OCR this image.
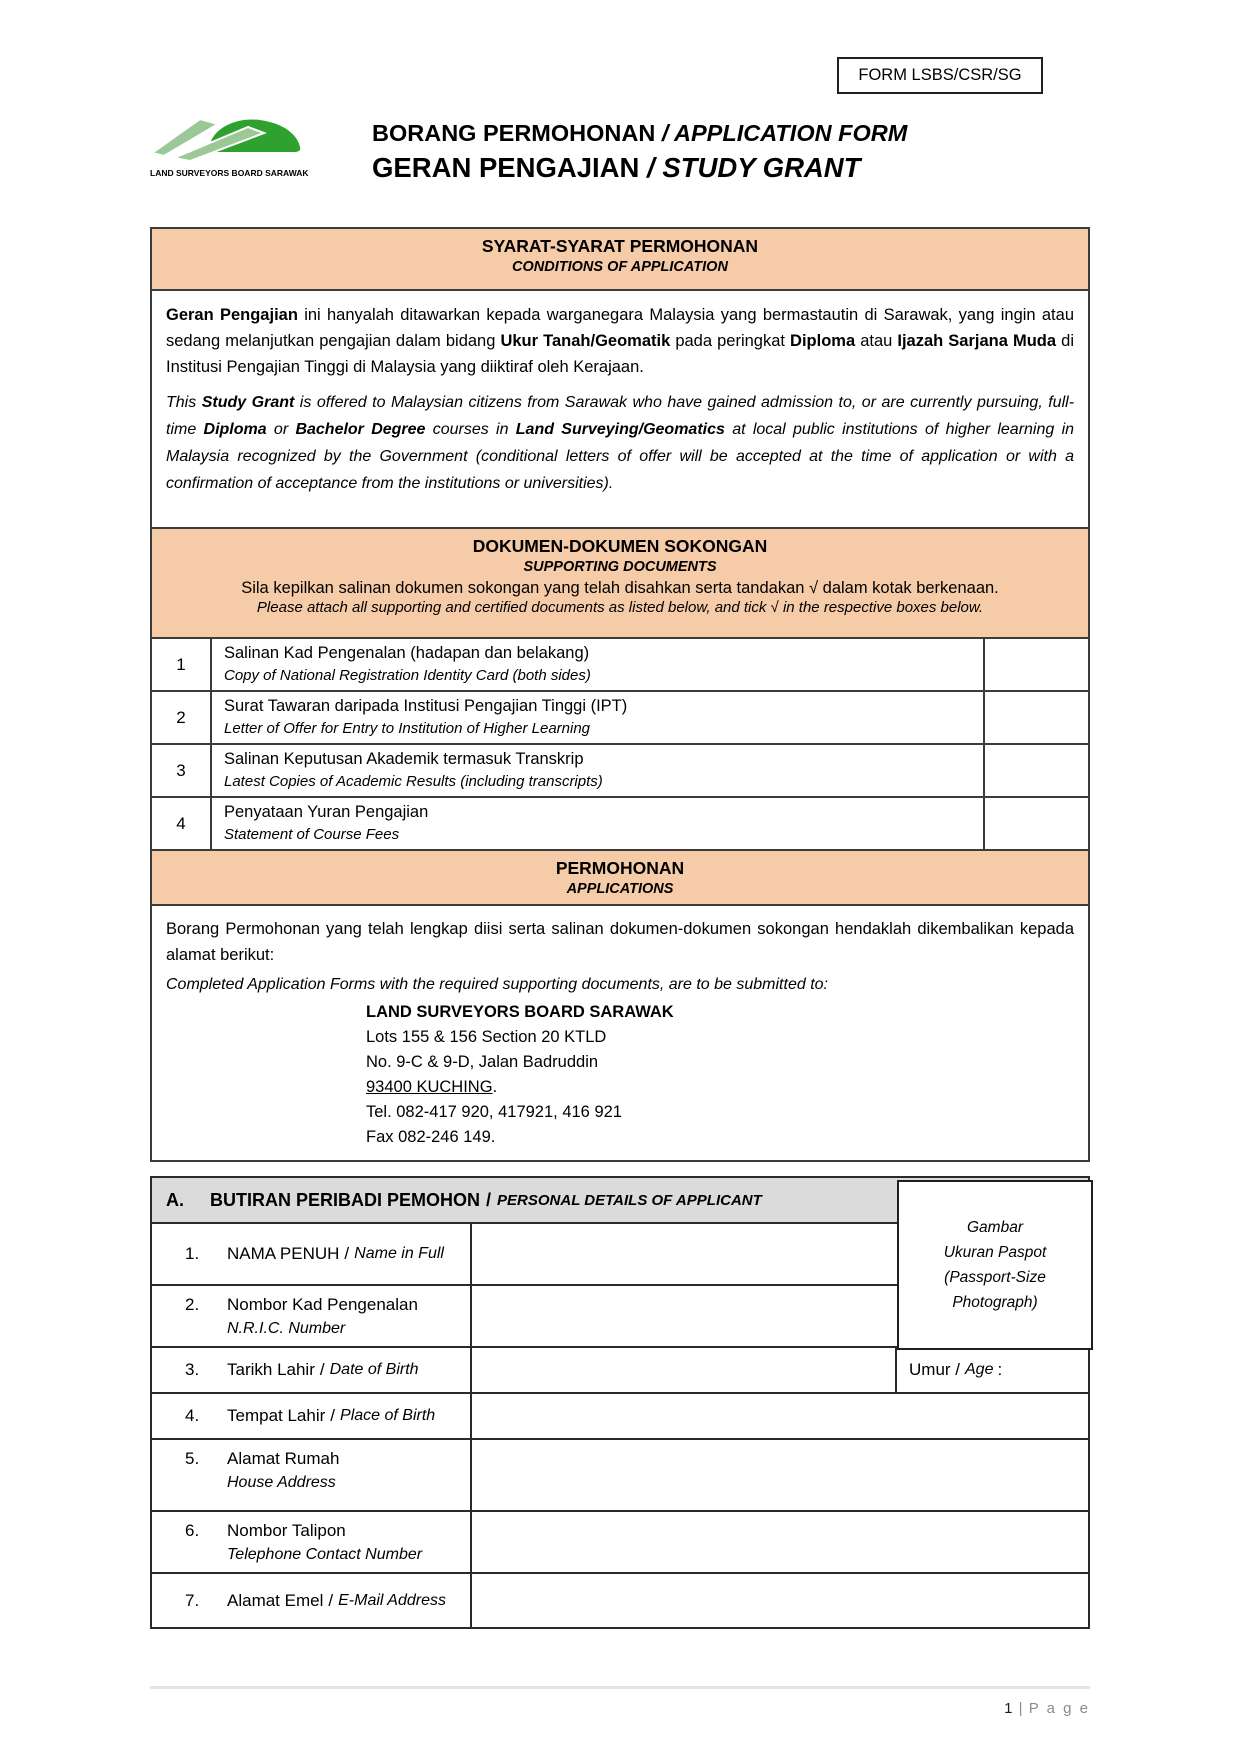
FORM LSBS/CSR/SG
LAND SURVEYORS BOARD SARAWAK
BORANG PERMOHONAN / APPLICATION FORM
GERAN PENGAJIAN / STUDY GRANT
SYARAT-SYARAT PERMOHONAN
CONDITIONS OF APPLICATION

Geran Pengajian ini hanyalah ditawarkan kepada warganegara Malaysia yang bermastautin di Sarawak, yang ingin atau sedang melanjutkan pengajian dalam bidang Ukur Tanah/Geomatik pada peringkat Diploma atau Ijazah Sarjana Muda di Institusi Pengajian Tinggi di Malaysia yang diiktiraf oleh Kerajaan.

This Study Grant is offered to Malaysian citizens from Sarawak who have gained admission to, or are currently pursuing, full-time Diploma or Bachelor Degree courses in Land Surveying/Geomatics at local public institutions of higher learning in Malaysia recognized by the Government (conditional letters of offer will be accepted at the time of application or with a confirmation of acceptance from the institutions or universities).

DOKUMEN-DOKUMEN SOKONGAN
SUPPORTING DOCUMENTS
Sila kepilkan salinan dokumen sokongan yang telah disahkan serta tandakan √ dalam kotak berkenaan.
Please attach all supporting and certified documents as listed below, and tick √ in the respective boxes below.
1
Salinan Kad Pengenalan (hadapan dan belakang)
Copy of National Registration Identity Card (both sides)
2
Surat Tawaran daripada Institusi Pengajian Tinggi (IPT)
Letter of Offer for Entry to Institution of Higher Learning
3
Salinan Keputusan Akademik termasuk Transkrip
Latest Copies of Academic Results (including transcripts)
4
Penyataan Yuran Pengajian
Statement of Course Fees
PERMOHONAN
APPLICATIONS

Borang Permohonan yang telah lengkap diisi serta salinan dokumen-dokumen sokongan hendaklah dikembalikan kepada alamat berikut:

Completed Application Forms with the required supporting documents, are to be submitted to:

LAND SURVEYORS BOARD SARAWAK
Lots 155 & 156 Section 20 KTLD
No. 9-C & 9-D, Jalan Badruddin
93400 KUCHING.
Tel. 082-417 920, 417921, 416 921
Fax 082-246 149.
Gambar
Ukuran Paspot
(Passport-Size
Photograph)
A.	BUTIRAN PERIBADI PEMOHON / PERSONAL DETAILS OF APPLICANT
1.	NAMA PENUH / Name in Full
2. Nombor Kad Pengenalan
N.R.I.C. Number
3.	Tarikh Lahir / Date of Birth	Umur / Age :
4.	Tempat Lahir / Place of Birth
5. Alamat Rumah
House Address
6. Nombor Talipon
Telephone Contact Number
7.	Alamat Emel / E-Mail Address
1 | P a g e
